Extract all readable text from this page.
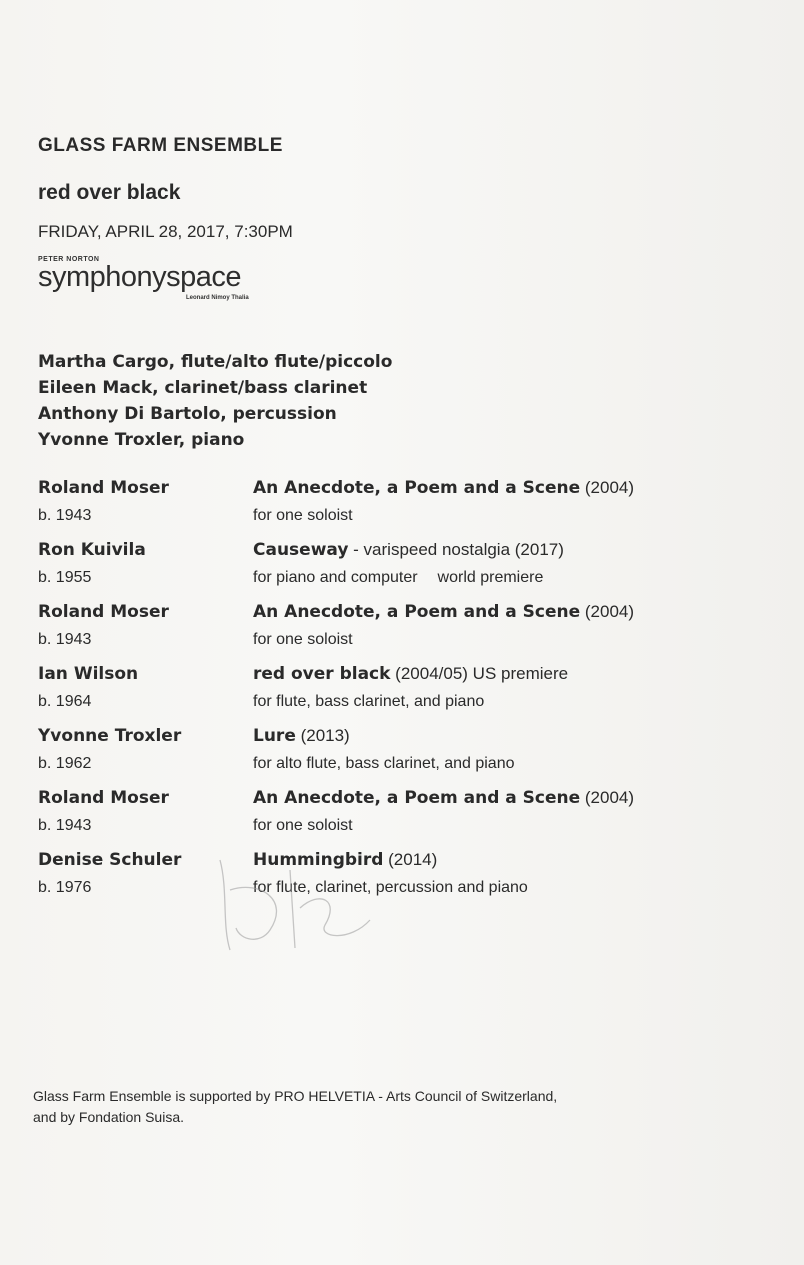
GLASS FARM ENSEMBLE
red over black
FRIDAY, APRIL 28, 2017, 7:30PM
PETER NORTON
symphonyspace
Leonard Nimoy Thalia
Martha Cargo, flute/alto flute/piccolo
Eileen Mack, clarinet/bass clarinet
Anthony Di Bartolo, percussion
Yvonne Troxler, piano
Roland Moser
b. 1943
An Anecdote, a Poem and a Scene (2004)
for one soloist
Ron Kuivila
b. 1955
Causeway - varispeed nostalgia (2017)
for piano and computer world premiere
Roland Moser
b. 1943
An Anecdote, a Poem and a Scene (2004)
for one soloist
Ian Wilson
b. 1964
red over black (2004/05) US premiere
for flute, bass clarinet, and piano
Yvonne Troxler
b. 1962
Lure (2013)
for alto flute, bass clarinet, and piano
Roland Moser
b. 1943
An Anecdote, a Poem and a Scene (2004)
for one soloist
Denise Schuler
b. 1976
Hummingbird (2014)
for flute, clarinet, percussion and piano
Glass Farm Ensemble is supported by PRO HELVETIA - Arts Council of Switzerland,
and by Fondation Suisa.
